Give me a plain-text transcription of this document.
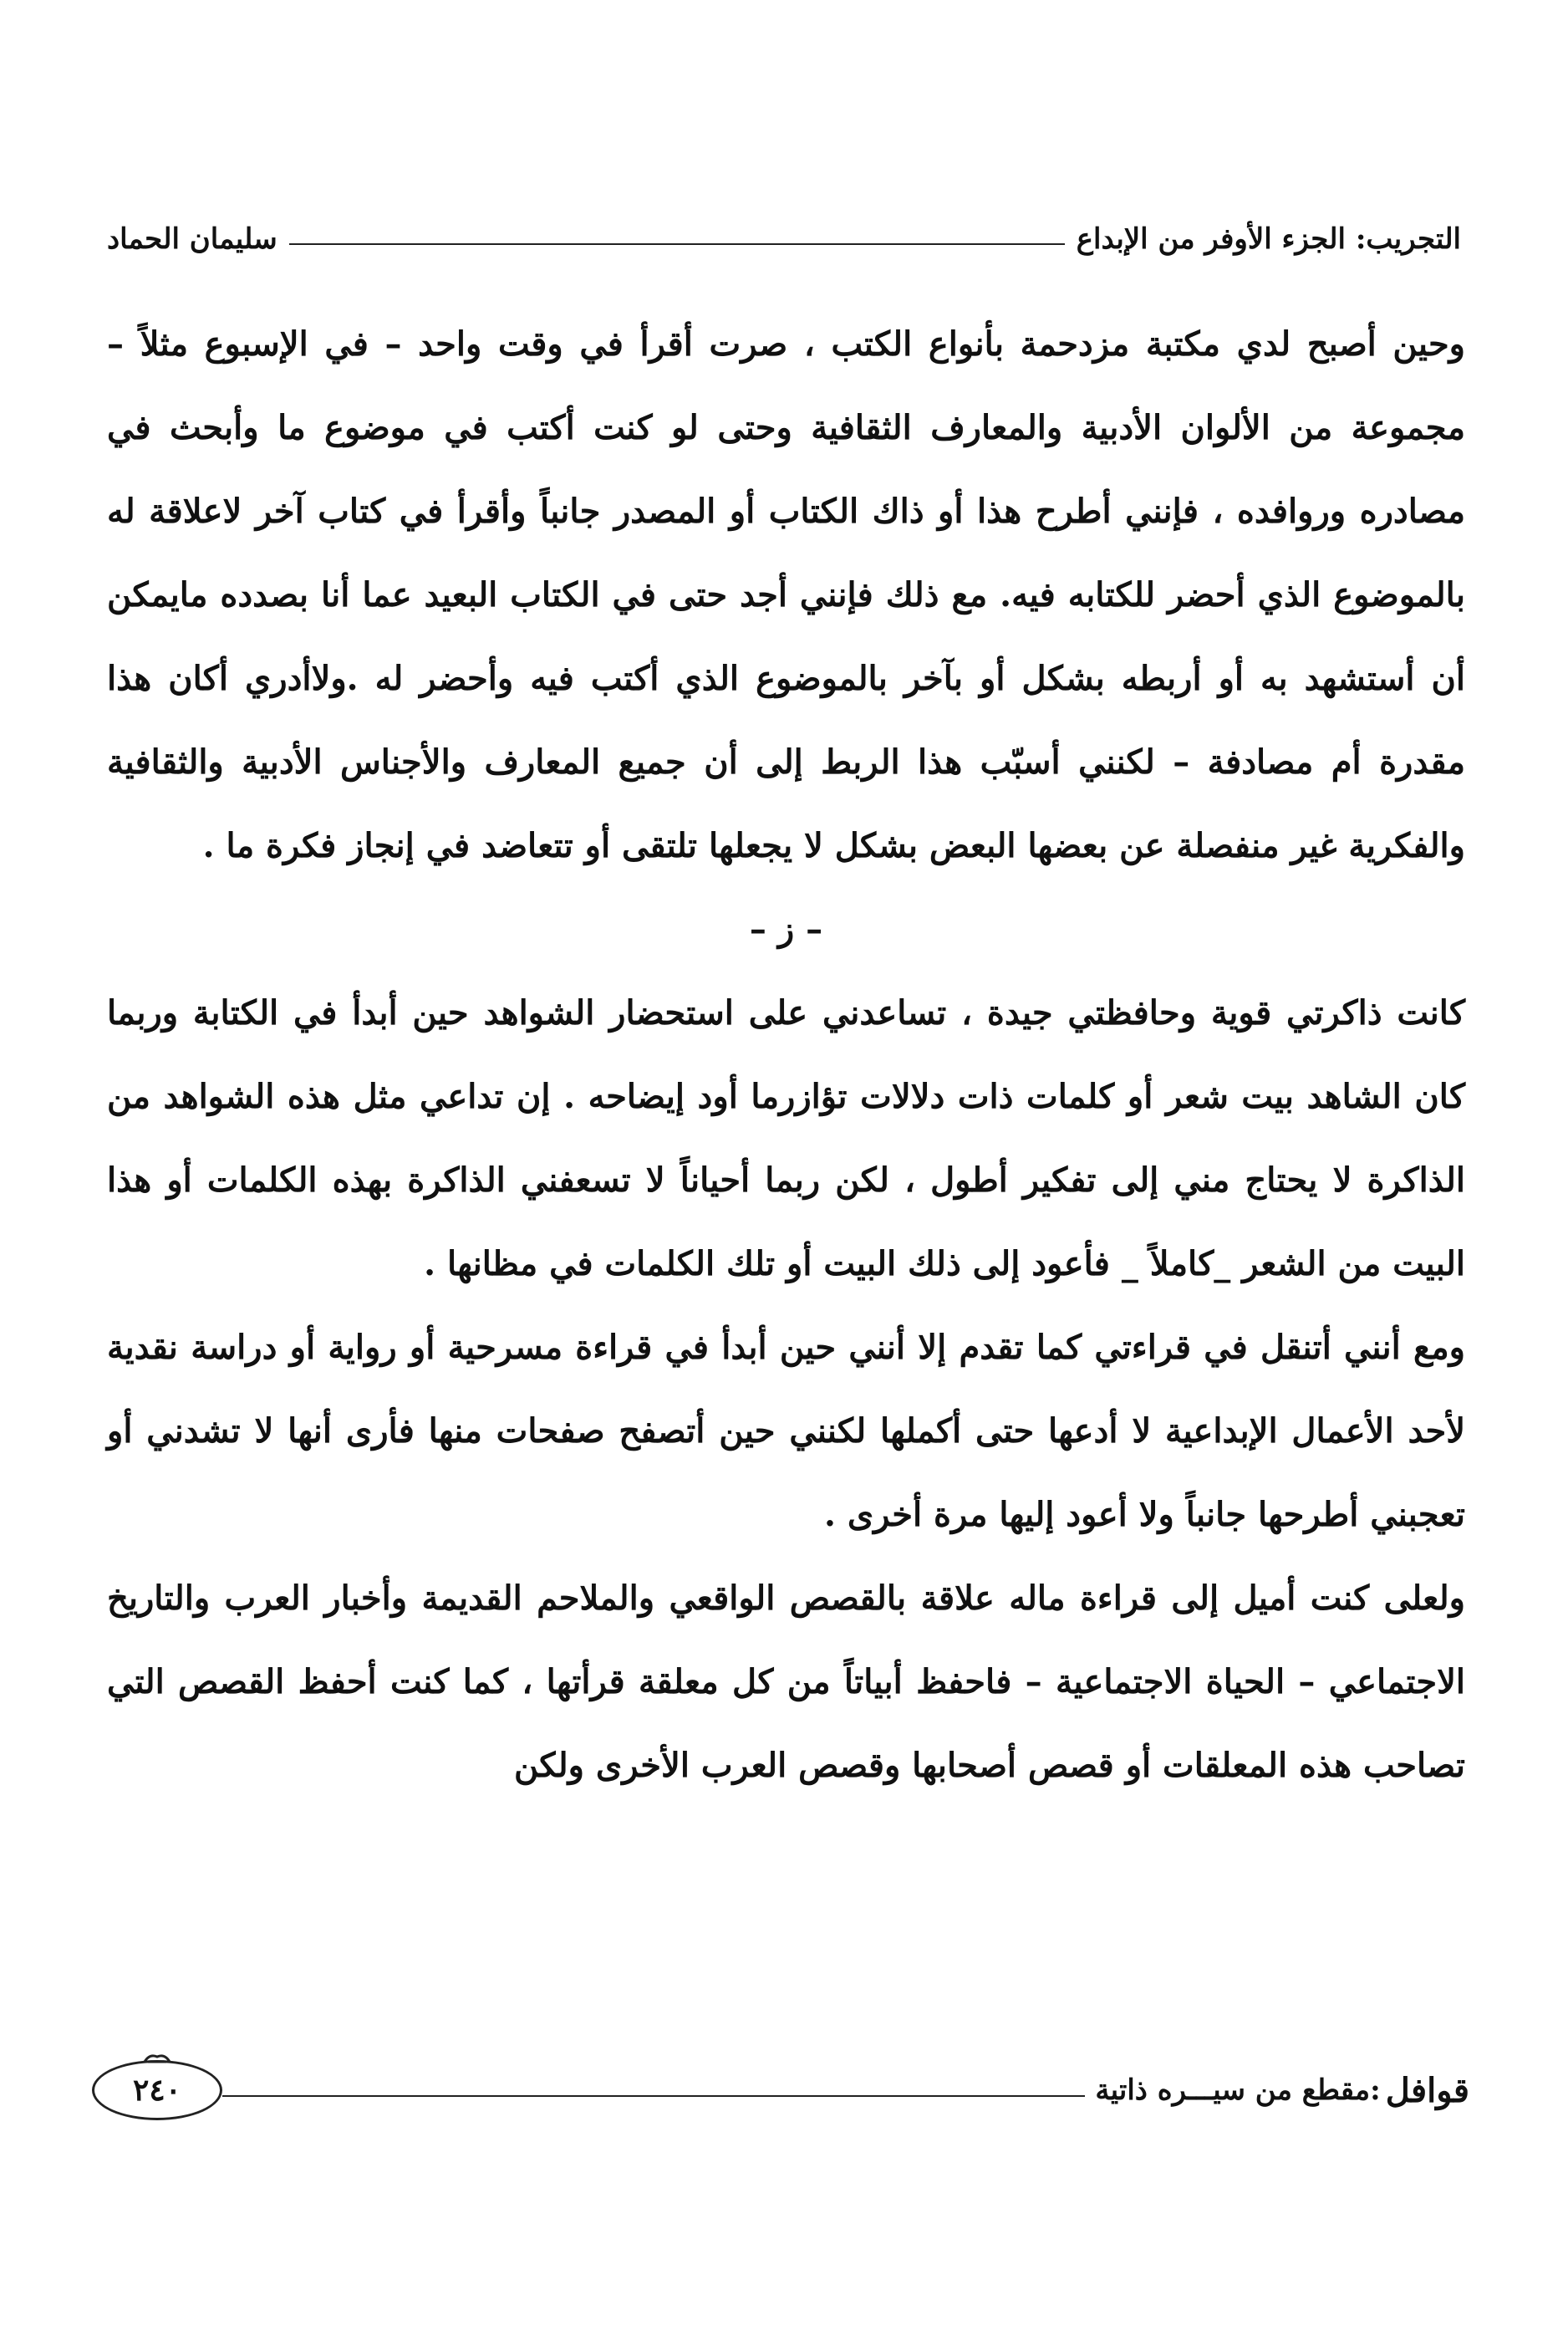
التجريب: الجزء الأوفر من الإبداع
سليمان الحماد

وحين أصبح لدي مكتبة مزدحمة بأنواع الكتب ، صرت أقرأ في وقت واحد – في الإسبوع مثلاً – مجموعة من الألوان الأدبية والمعارف الثقافية وحتى لو كنت أكتب في موضوع ما وأبحث في مصادره وروافده ، فإنني أطرح هذا أو ذاك الكتاب أو المصدر جانباً وأقرأ في كتاب آخر لاعلاقة له بالموضوع الذي أحضر للكتابه فيه. مع ذلك فإنني أجد حتى في الكتاب البعيد عما أنا بصدده مايمكن أن أستشهد به أو أربطه بشكل أو بآخر بالموضوع الذي أكتب فيه وأحضر له .ولاأدري أكان هذا مقدرة أم مصادفة – لكنني أسبّب هذا الربط إلى أن جميع المعارف والأجناس الأدبية والثقافية والفكرية غير منفصلة عن بعضها البعض بشكل لا يجعلها تلتقى أو تتعاضد في إنجاز فكرة ما .

– ز –

كانت ذاكرتي قوية وحافظتي جيدة ، تساعدني على استحضار الشواهد حين أبدأ في الكتابة وربما كان الشاهد بيت شعر أو كلمات ذات دلالات تؤازرما أود إيضاحه . إن تداعي مثل هذه الشواهد من الذاكرة لا يحتاج مني إلى تفكير أطول ، لكن ربما أحياناً لا تسعفني الذاكرة بهذه الكلمات أو هذا البيت من الشعر _كاملاً _ فأعود إلى ذلك البيت أو تلك الكلمات في مظانها .

ومع أنني أتنقل في قراءتي كما تقدم إلا أنني حين أبدأ في قراءة مسرحية أو رواية أو دراسة نقدية لأحد الأعمال الإبداعية لا أدعها حتى أكملها لكنني حين أتصفح صفحات منها فأرى أنها لا تشدني أو تعجبني أطرحها جانباً ولا أعود إليها مرة أخرى .

ولعلى كنت أميل إلى قراءة ماله علاقة بالقصص الواقعي والملاحم القديمة وأخبار العرب والتاريخ الاجتماعي – الحياة الاجتماعية – فاحفظ أبياتاً من كل معلقة قرأتها ، كما كنت أحفظ القصص التي تصاحب هذه المعلقات أو قصص أصحابها وقصص العرب الأخرى ولكن

قوافل
:مقطع من سيـــره ذاتية
٢٤٠
